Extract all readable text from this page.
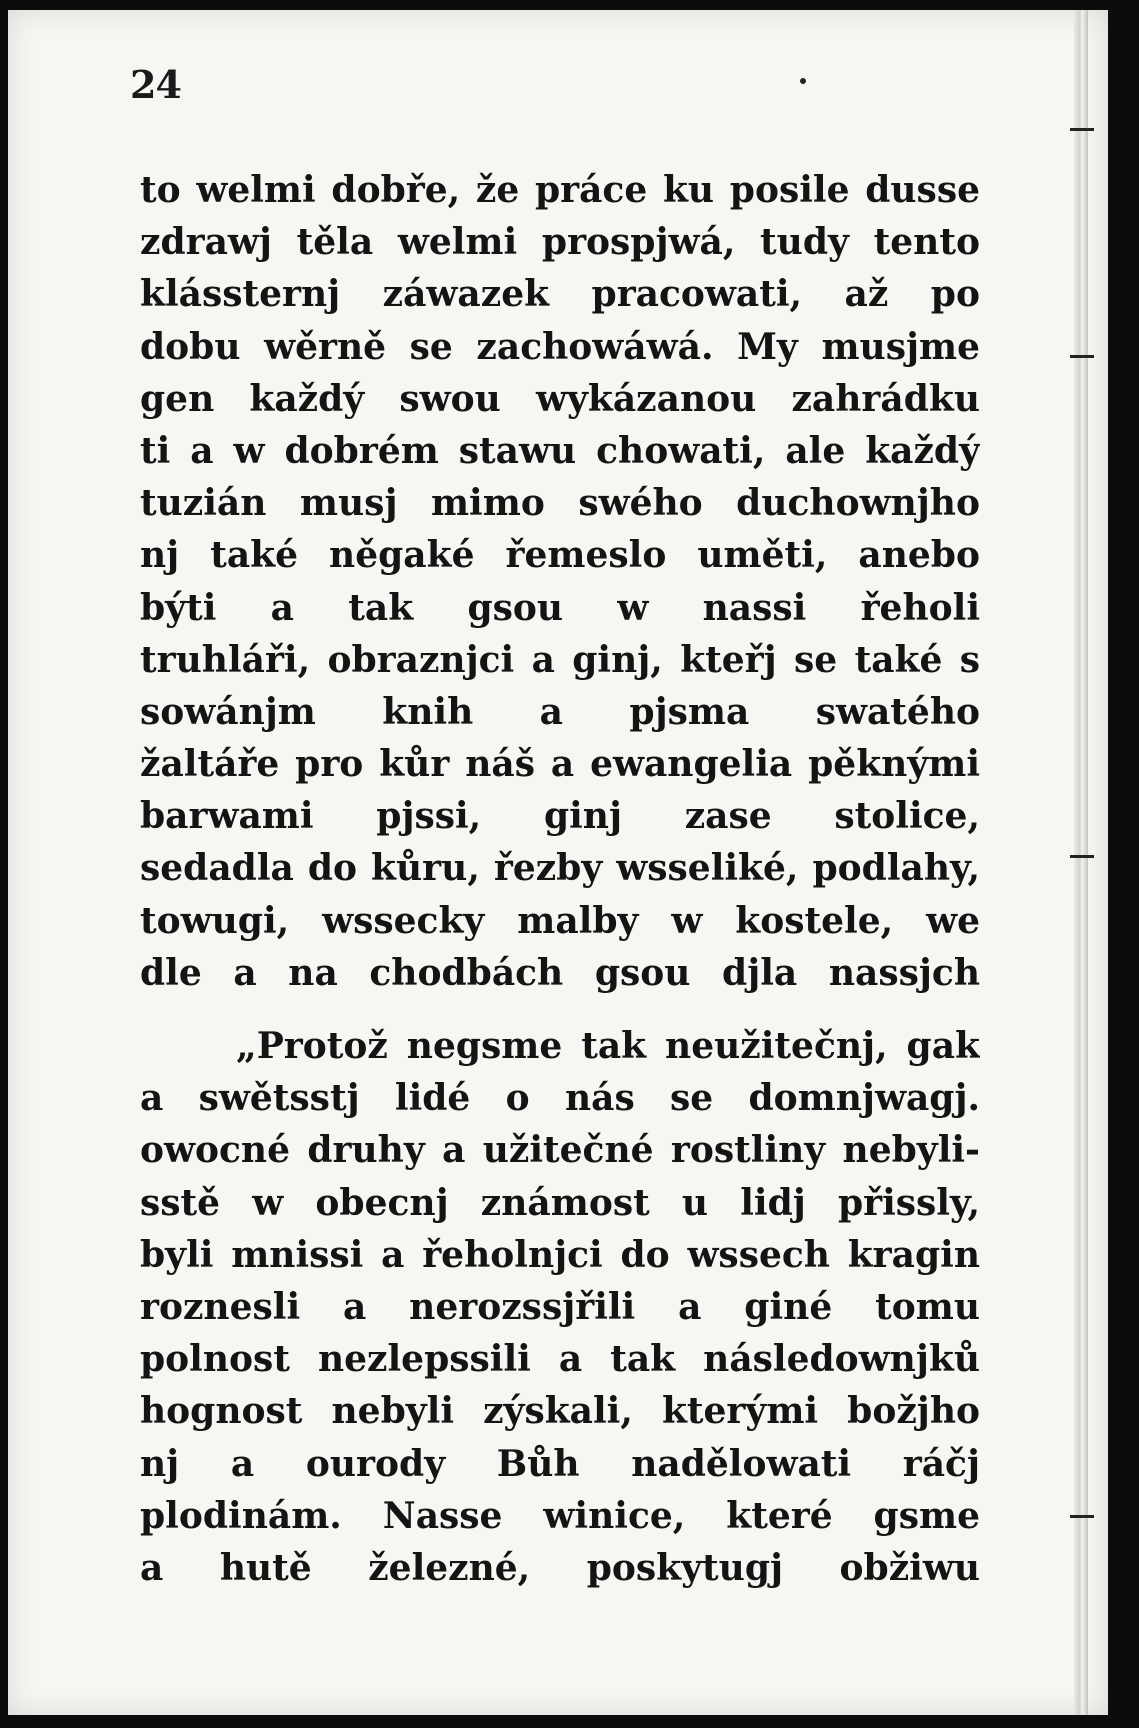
24
to welmi dobře, že práce ku posile dusse
zdrawj těla welmi prospjwá, tudy tento
klássternj záwazek pracowati, až po
dobu wěrně se zachowáwá. My musjme
gen každý swou wykázanou zahrádku
ti a w dobrém stawu chowati, ale každý
tuzián musj mimo swého duchownjho
nj také něgaké řemeslo uměti, anebo
býti a tak gsou w nassi řeholi
truhláři, obraznjci a ginj, kteřj se také s
sowánjm knih a pjsma swatého
žaltáře pro kůr náš a ewangelia pěknými
barwami pjssi, ginj zase stolice,
sedadla do kůru, řezby wsseliké, podlahy,
towugi, wssecky malby w kostele, we
dle a na chodbách gsou djla nassjch
„Protož negsme tak neužitečnj, gak
a swětsstj lidé o nás se domnjwagj.
owocné druhy a užitečné rostliny nebyli-
sstě w obecnj známost u lidj přissly,
byli mnissi a řeholnjci do wssech kragin
roznesli a nerozssjřili a giné tomu
polnost nezlepssili a tak následownjků
hognost nebyli zýskali, kterými božjho
nj a ourody Bůh nadělowati ráčj
plodinám. Nasse winice, které gsme
a hutě železné, poskytugj obžiwu
